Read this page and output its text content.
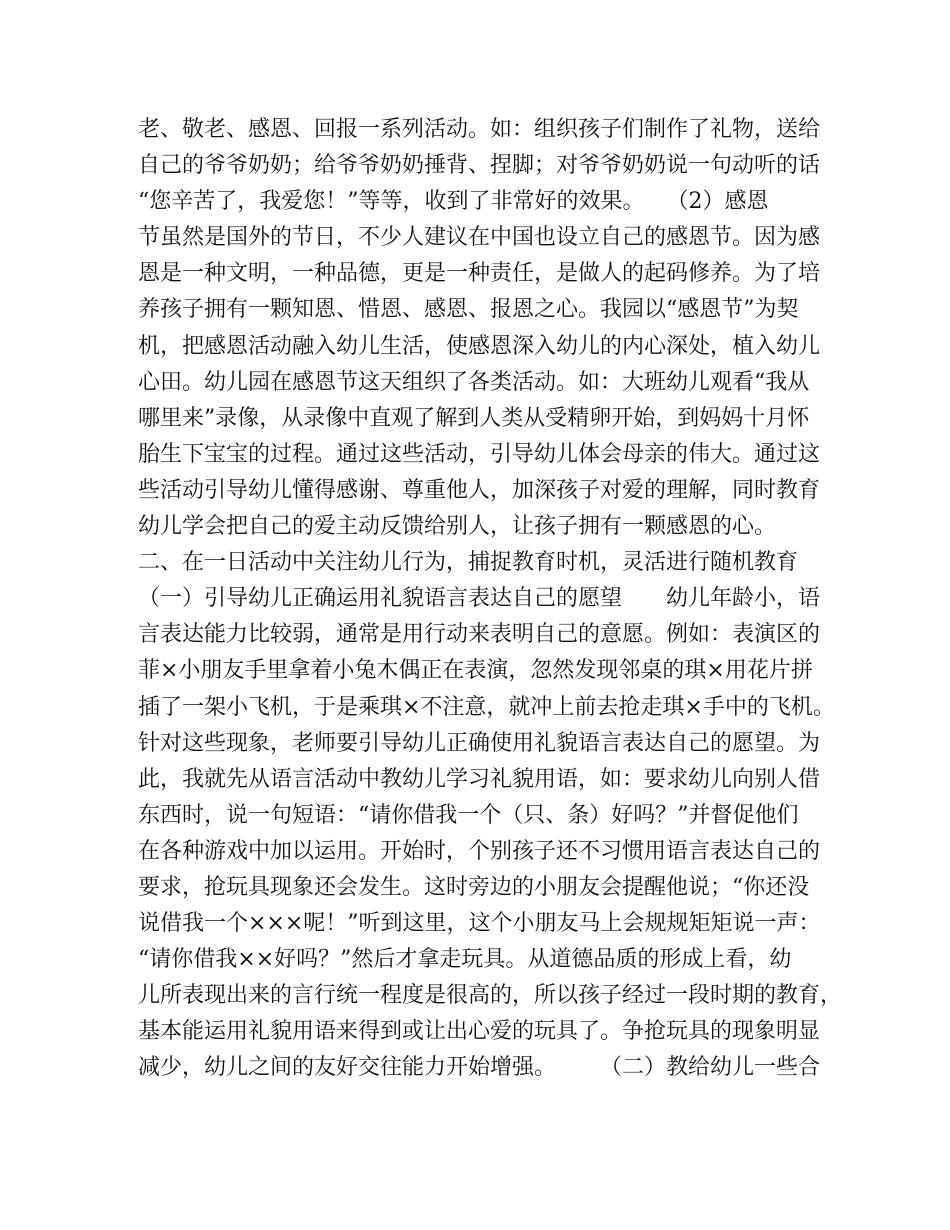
老、敬老、感恩、回报一系列活动。如：组织孩子们制作了礼物，送给
自己的爷爷奶奶；给爷爷奶奶捶背、捏脚；对爷爷奶奶说一句动听的话
“您辛苦了，我爱您！”等等，收到了非常好的效果。　　（2）感恩
节虽然是国外的节日，不少人建议在中国也设立自己的感恩节。因为感
恩是一种文明，一种品德，更是一种责任，是做人的起码修养。为了培
养孩子拥有一颗知恩、惜恩、感恩、报恩之心。我园以“感恩节”为契
机，把感恩活动融入幼儿生活，使感恩深入幼儿的内心深处，植入幼儿
心田。幼儿园在感恩节这天组织了各类活动。如：大班幼儿观看“我从
哪里来”录像，从录像中直观了解到人类从受精卵开始，到妈妈十月怀
胎生下宝宝的过程。通过这些活动，引导幼儿体会母亲的伟大。通过这
些活动引导幼儿懂得感谢、尊重他人，加深孩子对爱的理解，同时教育
幼儿学会把自己的爱主动反馈给别人，让孩子拥有一颗感恩的心。
二、在一日活动中关注幼儿行为，捕捉教育时机，灵活进行随机教育
（一）引导幼儿正确运用礼貌语言表达自己的愿望　　幼儿年龄小，语
言表达能力比较弱，通常是用行动来表明自己的意愿。例如：表演区的
菲×小朋友手里拿着小兔木偶正在表演，忽然发现邻桌的琪×用花片拼
插了一架小飞机，于是乘琪×不注意，就冲上前去抢走琪×手中的飞机。
针对这些现象，老师要引导幼儿正确使用礼貌语言表达自己的愿望。为
此，我就先从语言活动中教幼儿学习礼貌用语，如：要求幼儿向别人借
东西时，说一句短语：“请你借我一个（只、条）好吗？”并督促他们
在各种游戏中加以运用。开始时，个别孩子还不习惯用语言表达自己的
要求，抢玩具现象还会发生。这时旁边的小朋友会提醒他说；“你还没
说借我一个×××呢！”听到这里，这个小朋友马上会规规矩矩说一声：
“请你借我××好吗？”然后才拿走玩具。从道德品质的形成上看，幼
儿所表现出来的言行统一程度是很高的，所以孩子经过一段时期的教育，
基本能运用礼貌用语来得到或让出心爱的玩具了。争抢玩具的现象明显
减少，幼儿之间的友好交往能力开始增强。　　　（二）教给幼儿一些合
